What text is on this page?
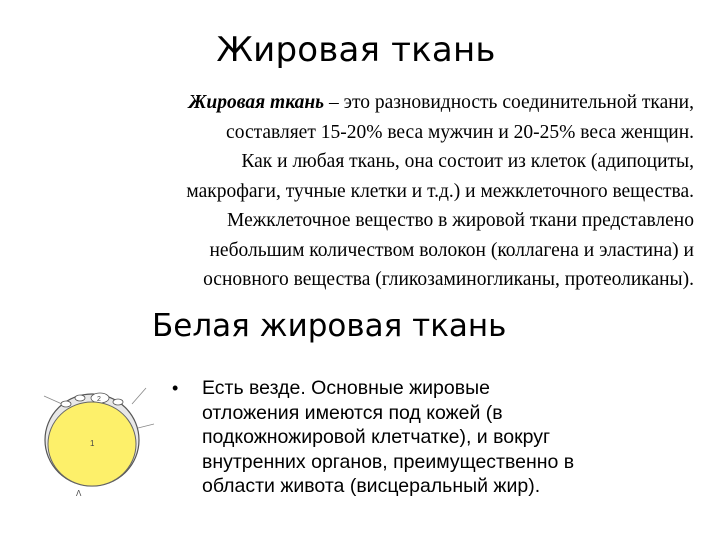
Жировая ткань

Жировая ткань – это разновидность соединительной ткани,

составляет 15-20% веса мужчин и 20-25% веса женщин.

Как и любая ткань, она состоит из клеток (адипоциты,

макрофаги, тучные клетки и т.д.) и межклеточного вещества.

Межклеточное вещество в жировой ткани представлено

небольшим количеством волокон (коллагена и эластина) и

основного вещества (гликозаминогликаны, протеоликаны).

Белая жировая ткань
2
1
Λ
• Есть везде. Основные жировые
отложения имеются под кожей (в
подкожножировой клетчатке), и вокруг
внутренних органов, преимущественно в
области живота (висцеральный жир).
